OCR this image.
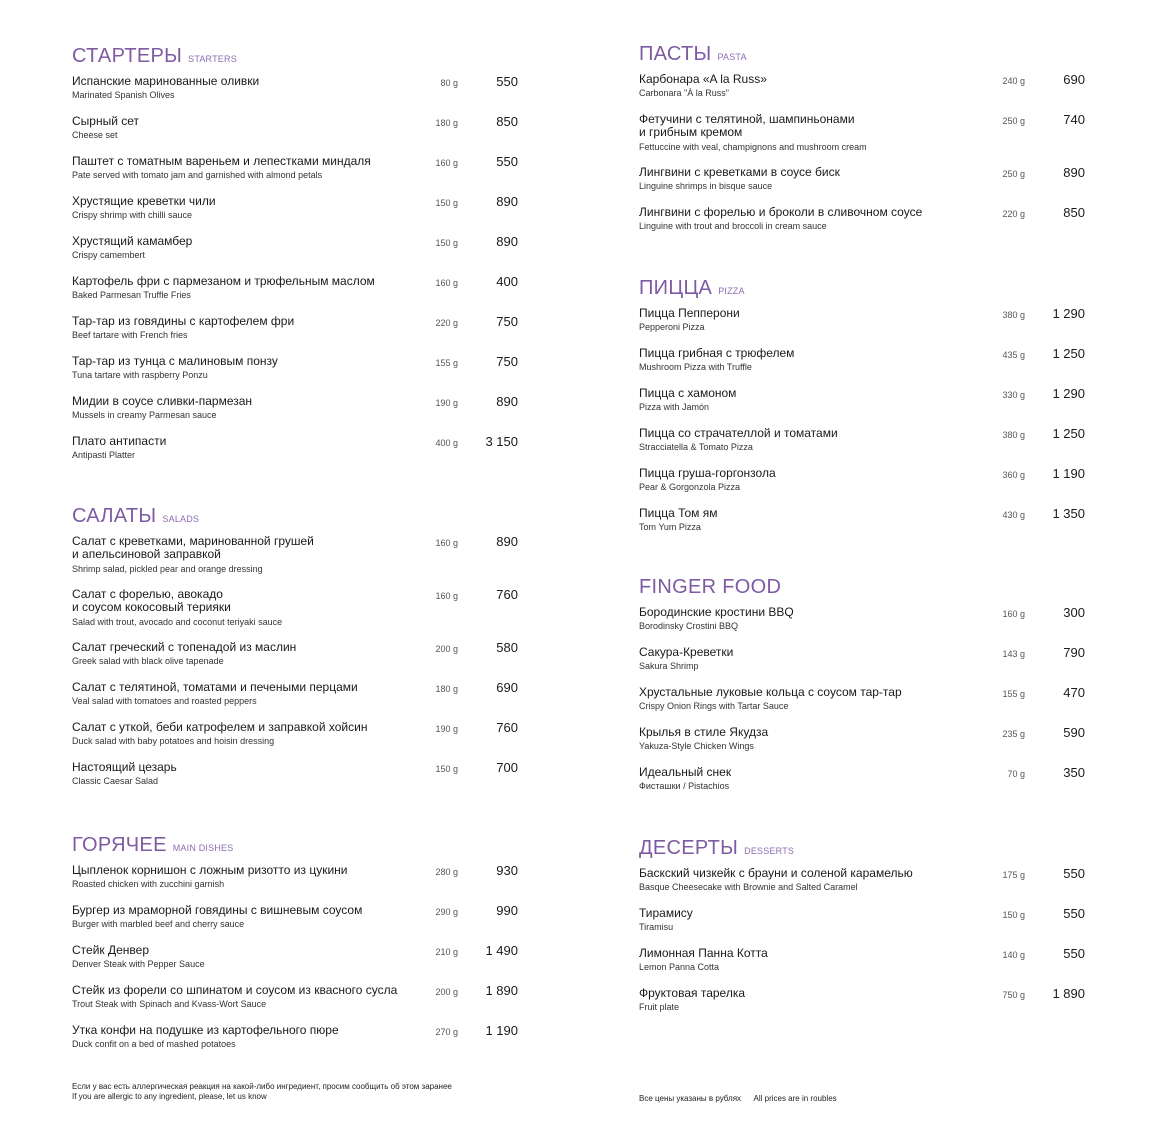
СТАРТЕРЫ STARTERS
Испанские маринованные оливки
Marinated Spanish Olives
80 g	550
Сырный сет
Cheese set
180 g	850
Паштет с томатным вареньем и лепестками миндаля
Pate served with tomato jam and garnished with almond petals
160 g	550
Хрустящие креветки чили
Crispy shrimp with chilli sauce
150 g	890
Хрустящий камамбер
Crispy camembert
150 g	890
Картофель фри с пармезаном и трюфельным маслом
Baked Parmesan Truffle Fries
160 g	400
Тар-тар из говядины с картофелем фри
Beef tartare with French fries
220 g	750
Тар-тар из тунца с малиновым понзу
Tuna tartare with raspberry Ponzu
155 g	750
Мидии в соусе сливки-пармезан
Mussels in creamy Parmesan sauce
190 g	890
Плато антипасти
Antipasti Platter
400 g 3 150
САЛАТЫ SALADS
Салат с креветками, маринованной грушей
и апельсиновой заправкой
Shrimp salad, pickled pear and orange dressing
160 g	890
Салат с форелью, авокадо
и соусом кокосовый терияки
Salad with trout, avocado and coconut teriyaki sauce
160 g	760
Салат греческий с топенадой из маслин
Greek salad with black olive tapenade
200 g	580
Салат с телятиной, томатами и печеными перцами
Veal salad with tomatoes and roasted peppers
180 g	690
Салат с уткой, беби катрофелем и заправкой хойсин
Duck salad with baby potatoes and hoisin dressing
190 g	760
Настоящий цезарь
Classic Caesar Salad
150 g	700
ГОРЯЧЕЕ MAIN DISHES
Цыпленок корнишон с ложным ризотто из цукини
Roasted chicken with zucchini garnish
280 g	930
Бургер из мраморной говядины с вишневым соусом
Burger with marbled beef and cherry sauce
290 g	990
Стейк Денвер
Denver Steak with Pepper Sauce
210 g 1 490
Стейк из форели со шпинатом и соусом из квасного сусла
Trout Steak with Spinach and Kvass-Wort Sauce
200 g 1 890
Утка конфи на подушке из картофельного пюре
Duck confit on a bed of mashed potatoes
270 g 1 190
ПАСТЫ PASTA
Карбонара «A la Russ»
Carbonara "À la Russ"
240 g	690
Фетучини с телятиной, шампиньонами
и грибным кремом
Fettuccine with veal, champignons and mushroom cream
250 g	740
Лингвини с креветками в соусе биск
Linguine shrimps in bisque sauce
250 g	890
Лингвини с форелью и броколи в сливочном соусе
Linguine with trout and broccoli in cream sauce
220 g	850
ПИЦЦА PIZZA
Пицца Пепперони
Pepperoni Pizza
380 g 1 290
Пицца грибная с трюфелем
Mushroom Pizza with Truffle
435 g 1 250
Пицца с хамоном
Pizza with Jamón
330 g 1 290
Пицца со страчателлой и томатами
Stracciatella & Tomato Pizza
380 g 1 250
Пицца груша-горгонзола
Pear & Gorgonzola Pizza
360 g 1 190
Пицца Том ям
Tom Yum Pizza
430 g 1 350
FINGER FOOD
Бородинские кростини BBQ
Borodinsky Crostini BBQ
160 g	300
Сакура-Креветки
Sakura Shrimp
143 g	790
Хрустальные луковые кольца с соусом тар-тар
Crispy Onion Rings with Tartar Sauce
155 g	470
Крылья в стиле Якудза
Yakuza-Style Chicken Wings
235 g	590
Идеальный снек
Фисташки / Pistachios
70 g	350
ДЕСЕРТЫ DESSERTS
Баскский чизкейк с брауни и соленой карамелью
Basque Cheesecake with Brownie and Salted Caramel
175 g	550
Тирамису
Tiramisu
150 g	550
Лимонная Панна Котта
Lemon Panna Cotta
140 g	550
Фруктовая тарелка
Fruit plate
750 g 1 890
Если у вас есть аллергическая реакция на какой-либо ингредиент, просим сообщить об этом заранее
If you are allergic to any ingredient, please, let us know	Все цены указаны в рублях All prices are in roubles
